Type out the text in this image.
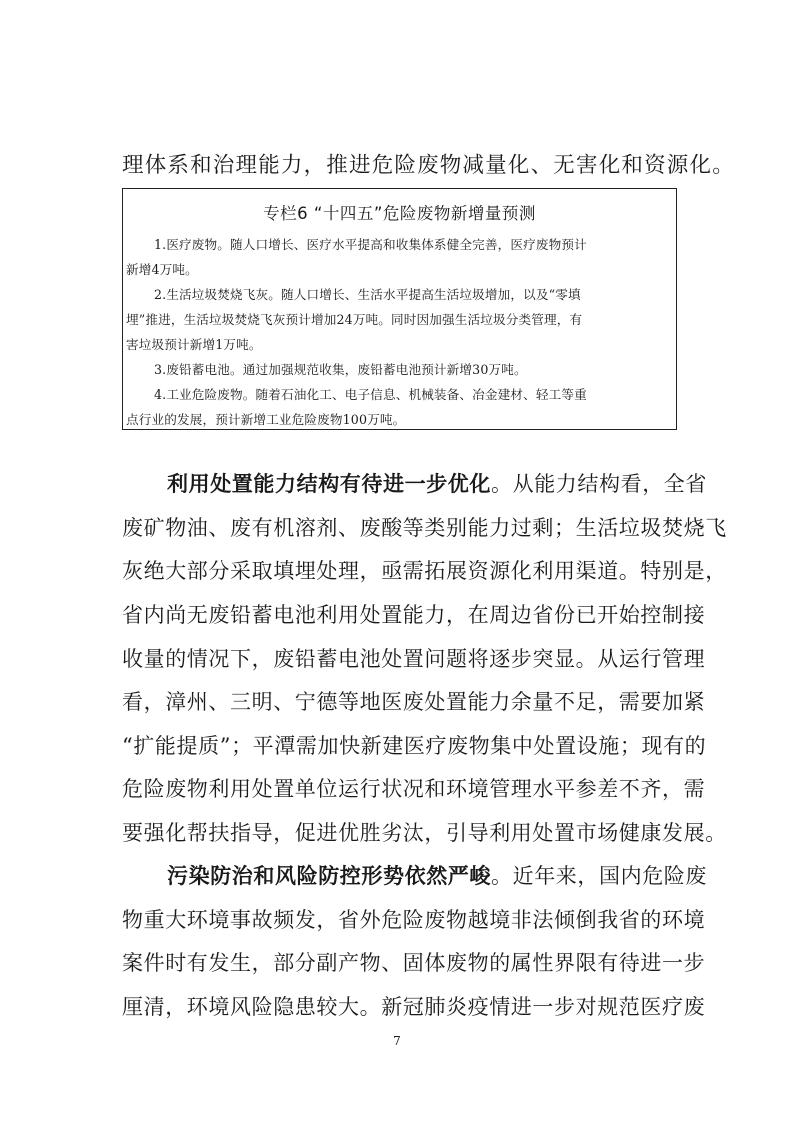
理体系和治理能力，推进危险废物减量化、无害化和资源化。
专栏6 “十四五”危险废物新增量预测
1.医疗废物。随人口增长、医疗水平提高和收集体系健全完善，医疗废物预计
新增4万吨。
2.生活垃圾焚烧飞灰。随人口增长、生活水平提高生活垃圾增加，以及“零填
埋”推进，生活垃圾焚烧飞灰预计增加24万吨。同时因加强生活垃圾分类管理，有
害垃圾预计新增1万吨。
3.废铅蓄电池。通过加强规范收集，废铅蓄电池预计新增30万吨。
4.工业危险废物。随着石油化工、电子信息、机械装备、冶金建材、轻工等重
点行业的发展，预计新增工业危险废物100万吨。
利用处置能力结构有待进一步优化。从能力结构看，全省
废矿物油、废有机溶剂、废酸等类别能力过剩；生活垃圾焚烧飞
灰绝大部分采取填埋处理，亟需拓展资源化利用渠道。特别是，
省内尚无废铅蓄电池利用处置能力，在周边省份已开始控制接
收量的情况下，废铅蓄电池处置问题将逐步突显。从运行管理
看，漳州、三明、宁德等地医废处置能力余量不足，需要加紧
“扩能提质”；平潭需加快新建医疗废物集中处置设施；现有的
危险废物利用处置单位运行状况和环境管理水平参差不齐，需
要强化帮扶指导，促进优胜劣汰，引导利用处置市场健康发展。
污染防治和风险防控形势依然严峻。近年来，国内危险废
物重大环境事故频发，省外危险废物越境非法倾倒我省的环境
案件时有发生，部分副产物、固体废物的属性界限有待进一步
厘清，环境风险隐患较大。新冠肺炎疫情进一步对规范医疗废
7
